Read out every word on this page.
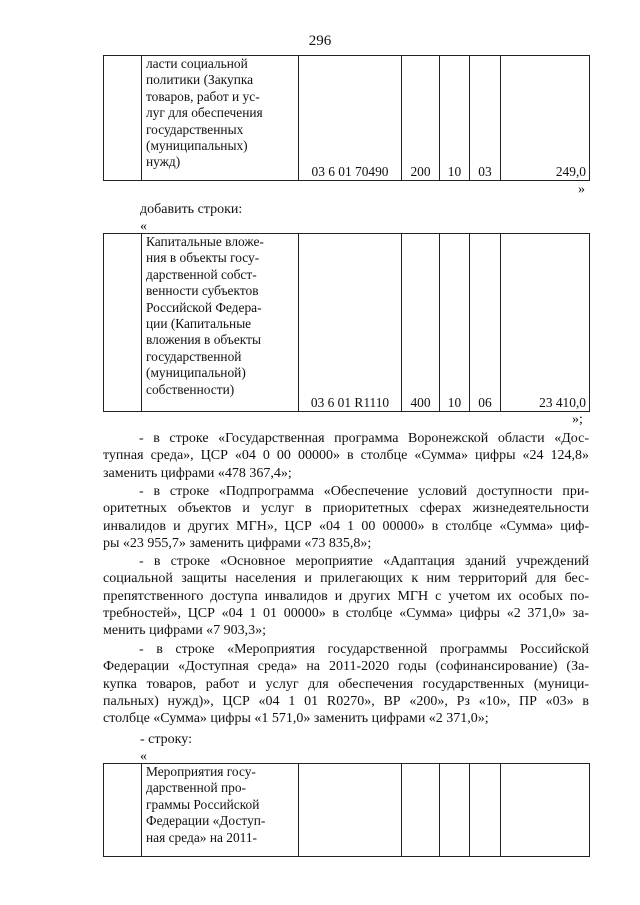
296
	ласти социальной
политики (Закупка
товаров, работ и ус-
луг для обеспечения
государственных
(муниципальных)
нужд)	03 6 01 70490	200	10	03	249,0
»
добавить строки:
«
	Капитальные вложе-
ния в объекты госу-
дарственной собст-
венности субъектов
Российской Федера-
ции (Капитальные
вложения в объекты
государственной
(муниципальной)
собственности)	03 6 01 R1110	400	10	06	23 410,0
»;
- в строке «Государственная программа Воронежской области «Дос-
тупная среда», ЦСР «04 0 00 00000» в столбце «Сумма» цифры «24 124,8»
заменить цифрами «478 367,4»;
- в строке «Подпрограмма «Обеспечение условий доступности при-
оритетных объектов и услуг в приоритетных сферах жизнедеятельности
инвалидов и других МГН», ЦСР «04 1 00 00000» в столбце «Сумма» циф-
ры «23 955,7» заменить цифрами «73 835,8»;
- в строке «Основное мероприятие «Адаптация зданий учреждений
социальной защиты населения и прилегающих к ним территорий для бес-
препятственного доступа инвалидов и других МГН с учетом их особых по-
требностей», ЦСР «04 1 01 00000» в столбце «Сумма» цифры «2 371,0» за-
менить цифрами «7 903,3»;
- в строке «Мероприятия государственной программы Российской
Федерации «Доступная среда» на 2011-2020 годы (софинансирование) (За-
купка товаров, работ и услуг для обеспечения государственных (муници-
пальных) нужд)», ЦСР «04 1 01 R0270», ВР «200», Рз «10», ПР «03» в
столбце «Сумма» цифры «1 571,0» заменить цифрами «2 371,0»;
- строку:
«
	Мероприятия госу-
дарственной про-
граммы Российской
Федерации «Доступ-
ная среда» на 2011-					
